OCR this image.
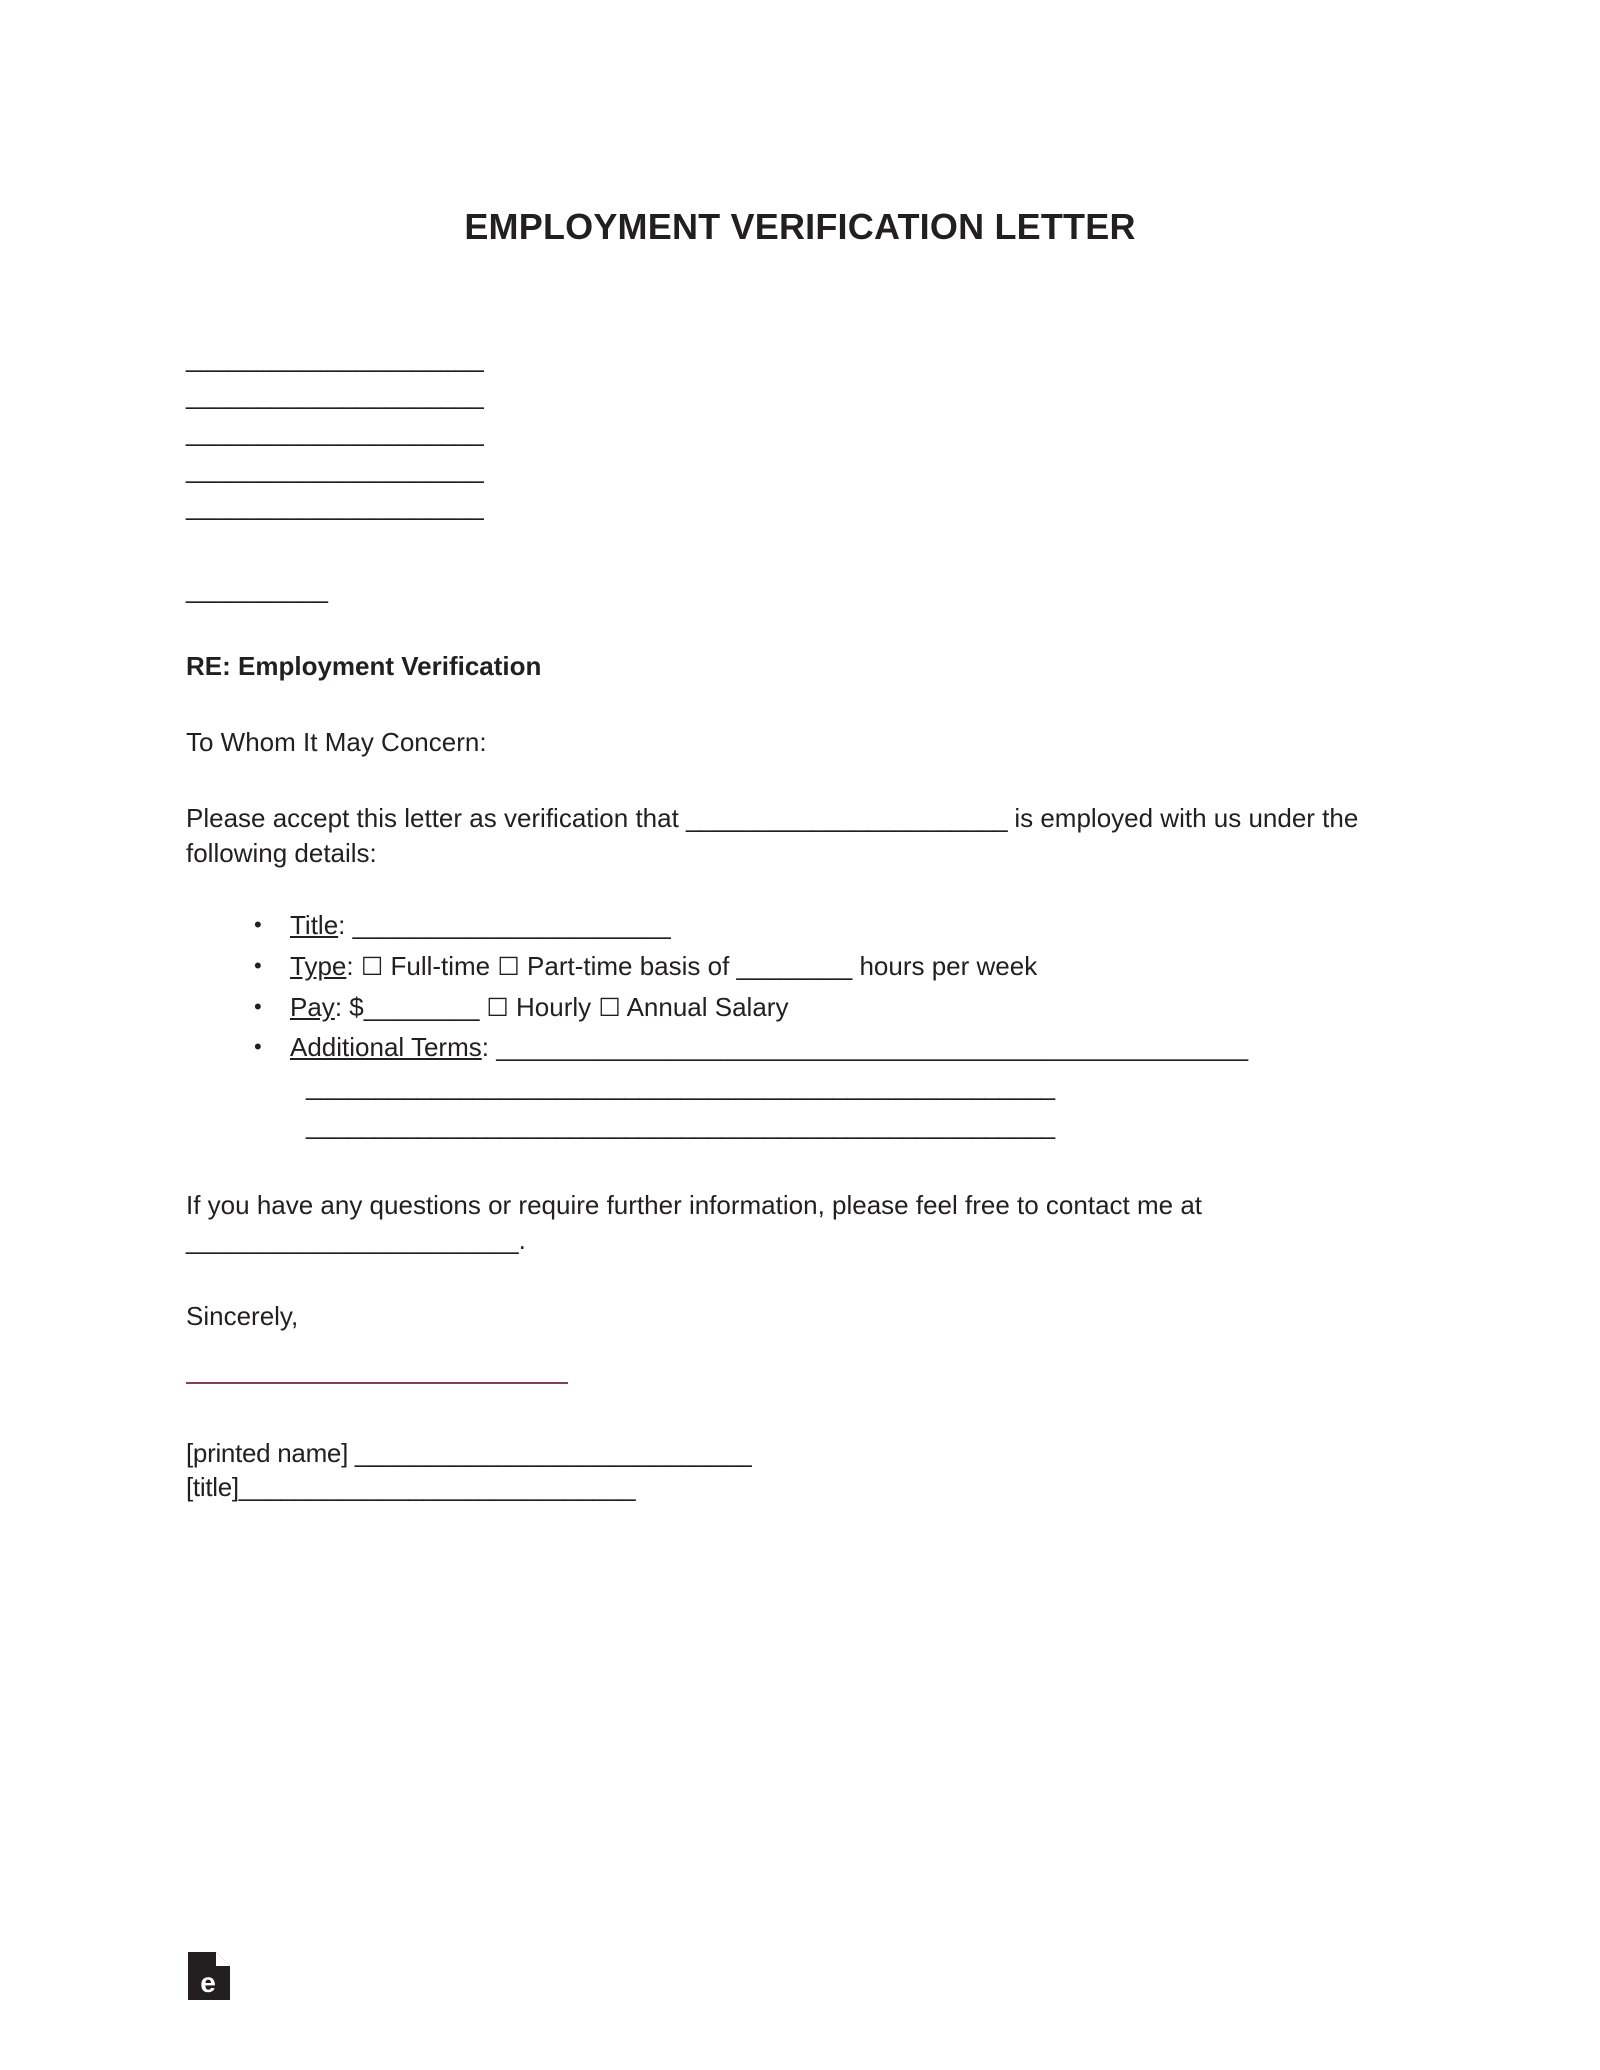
EMPLOYMENT VERIFICATION LETTER
_____________________
_____________________
_____________________
_____________________
_____________________
__________
RE: Employment Verification
To Whom It May Concern:
Please accept this letter as verification that _______________________ is employed with us under the following details:
• Title: ______________________
• Type: ☐ Full-time ☐ Part-time basis of ________ hours per week
• Pay: $________ ☐ Hourly ☐ Annual Salary
• Additional Terms: ____________________________________________________
______________________________________________________
______________________________________________________
If you have any questions or require further information, please feel free to contact me at _______________________.
Sincerely,
[printed name] ____________________________
[title]____________________________
e
